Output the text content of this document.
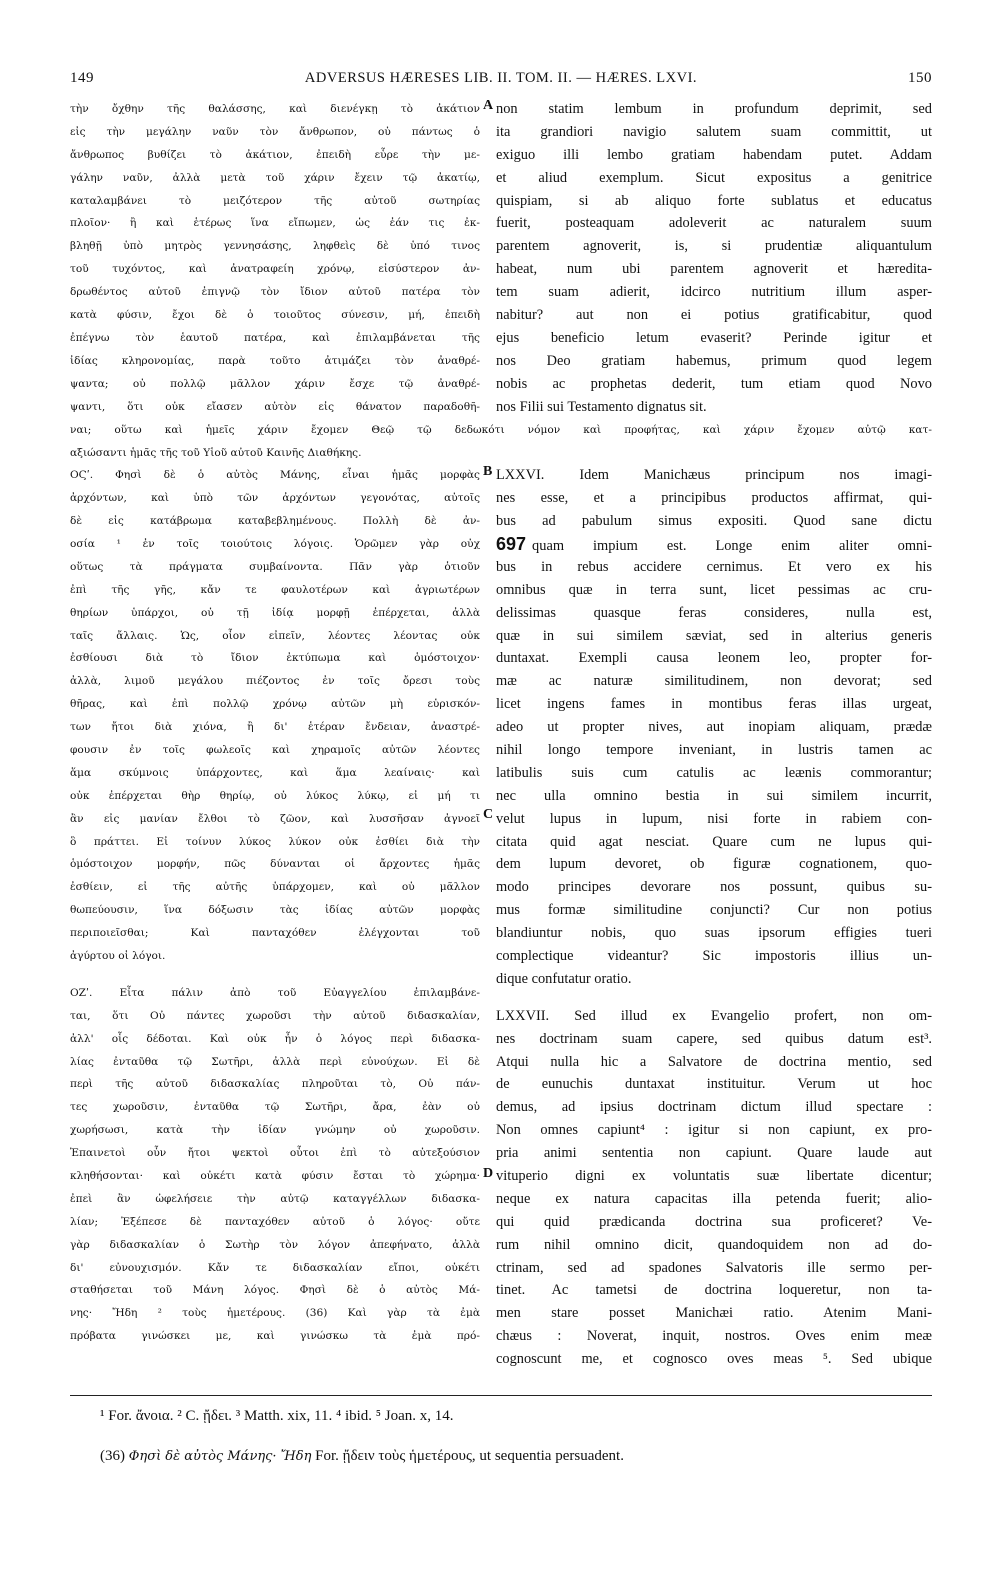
149	ADVERSUS HÆRESES LIB. II. TOM. II. — HÆRES. LXVI.	150
τὴν ὄχθην τῆς θαλάσσης, καὶ διενέγκῃ τὸ ἀκάτιον
εἰς τὴν μεγάλην ναῦν τὸν ἄνθρωπον, οὐ πάντως ὁ
ἄνθρωπος βυθίζει τὸ ἀκάτιον, ἐπειδὴ εὗρε τὴν με-
γάλην ναῦν, ἀλλὰ μετὰ τοῦ χάριν ἔχειν τῷ ἀκατίῳ,
καταλαμβάνει τὸ μειζότερον τῆς αὐτοῦ σωτηρίας
πλοῖον· ἢ καὶ ἑτέρως ἵνα εἴπωμεν, ὡς ἐάν τις ἐκ-
βληθῇ ὑπὸ μητρὸς γεννησάσης, ληφθεὶς δὲ ὑπό τινος
τοῦ τυχόντος, καὶ ἀνατραφείη χρόνῳ, εἰσύστερον ἀν-
δρωθέντος αὐτοῦ ἐπιγνῷ τὸν ἴδιον αὐτοῦ πατέρα τὸν
κατὰ φύσιν, ἔχοι δὲ ὁ τοιοῦτος σύνεσιν, μή, ἐπειδὴ
ἐπέγνω τὸν ἑαυτοῦ πατέρα, καὶ ἐπιλαμβάνεται τῆς
ἰδίας κληρονομίας, παρὰ τοῦτο ἀτιμάζει τὸν ἀναθρέ-
ψαντα; οὐ πολλῷ μᾶλλον χάριν ἔσχε τῷ ἀναθρέ-
ψαντι, ὅτι οὐκ εἴασεν αὐτὸν εἰς θάνατον παραδοθῆ-
ΟϚʹ. Φησὶ δὲ ὁ αὐτὸς Μάνης, εἶναι ἡμᾶς μορφὰς
ἀρχόντων, καὶ ὑπὸ τῶν ἀρχόντων γεγονότας, αὐτοῖς
δὲ εἰς κατάβρωμα καταβεβλημένους. Πολλὴ δὲ ἀν-
οσία ¹ ἐν τοῖς τοιούτοις λόγοις. Ὁρῶμεν γὰρ οὐχ
οὕτως τὰ πράγματα συμβαίνοντα. Πᾶν γὰρ ὁτιοῦν
ἐπὶ τῆς γῆς, κἄν τε φαυλοτέρων καὶ ἀγριωτέρων
θηρίων ὑπάρχοι, οὐ τῇ ἰδίᾳ μορφῇ ἐπέρχεται, ἀλλὰ
ταῖς ἄλλαις. Ὡς, οἷον εἰπεῖν, λέοντες λέοντας οὐκ
ἐσθίουσι διὰ τὸ ἴδιον ἐκτύπωμα καὶ ὁμόστοιχον·
ἀλλὰ, λιμοῦ μεγάλου πιέζοντος ἐν τοῖς ὄρεσι τοὺς
θῆρας, καὶ ἐπὶ πολλῷ χρόνῳ αὐτῶν μὴ εὑρισκόν-
των ἤτοι διὰ χιόνα, ἢ δι' ἑτέραν ἔνδειαν, ἀναστρέ-
φουσιν ἐν τοῖς φωλεοῖς καὶ χηραμοῖς αὐτῶν λέοντες
ἅμα σκύμνοις ὑπάρχοντες, καὶ ἅμα λεαίναις· καὶ
οὐκ ἐπέρχεται θὴρ θηρίῳ, οὐ λύκος λύκῳ, εἰ μή τι
ἂν εἰς μανίαν ἔλθοι τὸ ζῶον, καὶ λυσσῆσαν ἀγνοεῖ
ὃ πράττει. Εἰ τοίνυν λύκος λύκον οὐκ ἐσθίει διὰ τὴν
ὁμόστοιχον μορφήν, πῶς δύνανται οἱ ἄρχοντες ἡμᾶς
ἐσθίειν, εἰ τῆς αὐτῆς ὑπάρχομεν, καὶ οὐ μᾶλλον
θωπεύουσιν, ἵνα δόξωσιν τὰς ἰδίας αὐτῶν μορφὰς
περιποιεῖσθαι; Καὶ πανταχόθεν ἐλέγχονται τοῦ
ἀγύρτου οἱ λόγοι.
ΟΖʹ. Εἶτα πάλιν ἀπὸ τοῦ Εὐαγγελίου ἐπιλαμβάνε-
ται, ὅτι Οὐ πάντες χωροῦσι τὴν αὐτοῦ διδασκαλίαν,
ἀλλ' οἷς δέδοται. Καὶ οὐκ ἦν ὁ λόγος περὶ διδασκα-
λίας ἐνταῦθα τῷ Σωτῆρι, ἀλλὰ περὶ εὐνούχων. Εἰ δὲ
περὶ τῆς αὐτοῦ διδασκαλίας πληροῦται τὸ, Οὐ πάν-
τες χωροῦσιν, ἐνταῦθα τῷ Σωτῆρι, ἄρα, ἐὰν οὐ
χωρήσωσι, κατὰ τὴν ἰδίαν γνώμην οὐ χωροῦσιν.
Ἐπαινετοὶ οὖν ἤτοι ψεκτοὶ οὗτοι ἐπὶ τὸ αὐτεξούσιον
κληθήσονται· καὶ οὐκέτι κατὰ φύσιν ἔσται τὸ χώρημα·
ἐπεὶ ἂν ὠφελήσειε τὴν αὐτῷ καταγγέλλων διδασκα-
λίαν; Ἐξέπεσε δὲ πανταχόθεν αὐτοῦ ὁ λόγος· οὔτε
γὰρ διδασκαλίαν ὁ Σωτὴρ τὸν λόγον ἀπεφήνατο, ἀλλὰ
δι' εὐνουχισμόν. Κἄν τε διδασκαλίαν εἴποι, οὐκέτι
σταθήσεται τοῦ Μάνη λόγος. Φησὶ δὲ ὁ αὐτὸς Μά-
νης· Ἤδη ² τοὺς ἡμετέρους. (36) Καὶ γὰρ τὰ ἐμὰ
πρόβατα γινώσκει με, καὶ γινώσκω τὰ ἐμὰ πρό-
non statim lembum in profundum deprimit, sed
ita grandiori navigio salutem suam committit, ut
exiguo illi lembo gratiam habendam putet. Addam
et aliud exemplum. Sicut expositus a genitrice
quispiam, si ab aliquo forte sublatus et educatus
fuerit, posteaquam adoleverit ac naturalem suum
parentem agnoverit, is, si prudentiæ aliquantulum
habeat, num ubi parentem agnoverit et hæredita-
tem suam adierit, idcirco nutritium illum asper-
nabitur? aut non ei potius gratificabitur, quod
ejus beneficio letum evaserit? Perinde igitur et
nos Deo gratiam habemus, primum quod legem
nobis ac prophetas dederit, tum etiam quod Novo
nos Filii sui Testamento dignatus sit.
LXXVI. Idem Manichæus principum nos imagi-
nes esse, et a principibus productos affirmat, qui-
bus ad pabulum simus expositi. Quod sane dictu
697 quam impium est. Longe enim aliter omni-
bus in rebus accidere cernimus. Et vero ex his
omnibus quæ in terra sunt, licet pessimas ac cru-
delissimas quasque feras consideres, nulla est,
quæ in sui similem sæviat, sed in alterius generis
duntaxat. Exempli causa leonem leo, propter for-
mæ ac naturæ similitudinem, non devorat; sed
licet ingens fames in montibus feras illas urgeat,
adeo ut propter nives, aut inopiam aliquam, prædæ
nihil longo tempore inveniant, in lustris tamen ac
latibulis suis cum catulis ac leænis commorantur;
nec ulla omnino bestia in sui similem incurrit,
velut lupus in lupum, nisi forte in rabiem con-
citata quid agat nesciat. Quare cum ne lupus qui-
dem lupum devoret, ob figuræ cognationem, quo-
modo principes devorare nos possunt, quibus su-
mus formæ similitudine conjuncti? Cur non potius
blandiuntur nobis, quo suas ipsorum effigies tueri
complectique videantur? Sic impostoris illius un-
dique confutatur oratio.
LXXVII. Sed illud ex Evangelio profert, non om-
nes doctrinam suam capere, sed quibus datum est³.
Atqui nulla hic a Salvatore de doctrina mentio, sed
de eunuchis duntaxat instituitur. Verum ut hoc
demus, ad ipsius doctrinam dictum illud spectare :
Non omnes capiunt⁴ : igitur si non capiunt, ex pro-
pria animi sententia non capiunt. Quare laude aut
vituperio digni ex voluntatis suæ libertate dicentur;
neque ex natura capacitas illa petenda fuerit; alio-
qui quid prædicanda doctrina sua proficeret? Ve-
rum nihil omnino dicit, quandoquidem non ad do-
ctrinam, sed ad spadones Salvatoris ille sermo per-
tinet. Ac tametsi de doctrina loqueretur, non ta-
men stare posset Manichæi ratio. Atenim Mani-
chæus : Noverat, inquit, nostros. Oves enim meæ
cognoscunt me, et cognosco oves meas ⁵. Sed ubique
ναι; οὕτω καὶ ἡμεῖς χάριν ἔχομεν Θεῷ τῷ δεδωκότι νόμον καὶ προφήτας, καὶ χάριν ἔχομεν αὐτῷ κατ-
αξιώσαντι ἡμᾶς τῆς τοῦ Υἱοῦ αὐτοῦ Καινῆς Διαθήκης.
A
B
C
D
¹ For. ἄνοια. ² C. ᾔδει. ³ Matth. xix, 11. ⁴ ibid. ⁵ Joan. x, 14.
(36) Φησὶ δὲ αὐτὸς Μάνης· Ἤδη For. ᾔδειν τοὺς ἡμετέρους, ut sequentia persuadent.
